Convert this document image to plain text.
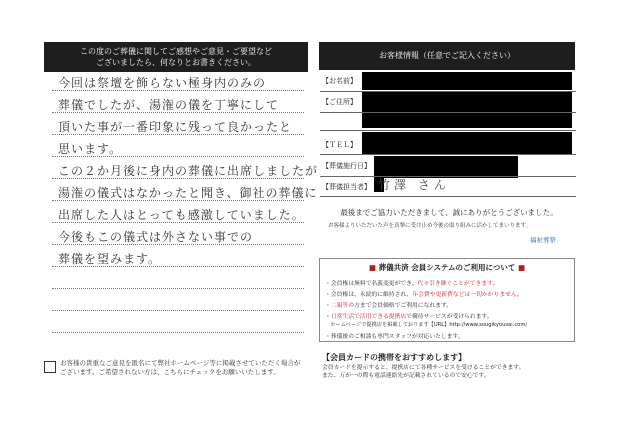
この度のご葬儀に関してご感想やご意見・ご要望など
ございましたら、何なりとお書きください。
今回は祭壇を飾らない極身内のみの
葬儀でしたが、湯潅の儀を丁寧にして
頂いた事が一番印象に残って良かったと
思います。
この２か月後に身内の葬儀に出席しましたが
湯潅の儀式はなかったと聞き、御社の葬儀に
出席した人はとっても感激していました。
今後もこの儀式は外さない事での
葬儀を望みます。
お客様の貴重なご意見を匿名にて弊社ホームページ等に掲載させていただく場合が
ございます。ご希望されない方は、こちらにチェックをお願いいたします。
お客様情報（任意でご記入ください）
【お名前】
【ご住所】
【ＴＥＬ】
【葬儀施行日】
【葬儀担当者】 竹澤 さん
最後までご協力いただきまして、誠にありがとうございました。
お客様よりいただいた声を真摯に受け止め今後の取り組みに活かしてまいります。
福祉葬祭
■ 葬儀共済 会員システムのご利用について ■
・会員権は無料で名義変更ができ、代々引き継ぐことができます。
・会員権は、永続的に維持され、年会費や更新費などは一切かかりません。
・二親等の方まで会員価格でご利用になれます。
・日常生活で活用できる提携店で優待サービスが受けられます。
　ホームページで提携店を掲載しております【URL】http://www.sougikyousai.com/
・葬儀後のご相談も専門スタッフが対応いたします。
【会員カードの携帯をおすすめします】
会員カードを提示すると、提携店にて各種サービスを受けることができます。
また、万が一の際も電話連絡先が記載されているので安心です。
